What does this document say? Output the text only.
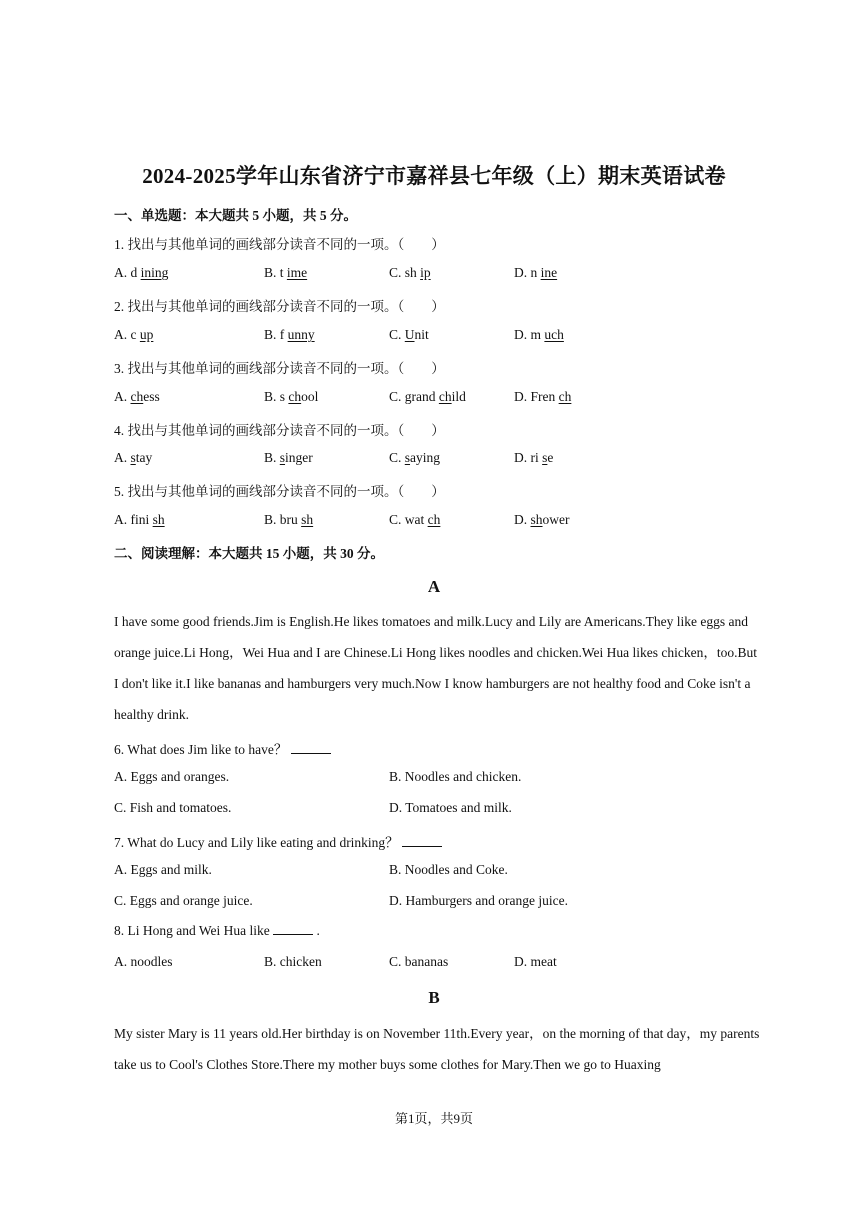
2024-2025学年山东省济宁市嘉祥县七年级（上）期末英语试卷
一、单选题：本大题共 5 小题，共 5 分。
1. 找出与其他单词的画线部分读音不同的一项。（　　）
A. d ining	B. t ime	C. sh ip	D. n ine
2. 找出与其他单词的画线部分读音不同的一项。（　　）
A. c up	B. f unny	C. Unit	D. m uch
3. 找出与其他单词的画线部分读音不同的一项。（　　）
A. chess	B. s chool	C. grand child	D. Fren ch
4. 找出与其他单词的画线部分读音不同的一项。（　　）
A. stay	B. singer	C. saying	D. ri se
5. 找出与其他单词的画线部分读音不同的一项。（　　）
A. fini sh	B. bru sh	C. wat ch	D. shower
二、阅读理解：本大题共 15 小题，共 30 分。
A
I have some good friends.Jim is English.He likes tomatoes and milk.Lucy and Lily are Americans.They like eggs and orange juice.Li Hong，Wei Hua and I are Chinese.Li Hong likes noodles and chicken.Wei Hua likes chicken，too.But I don't like it.I like bananas and hamburgers very much.Now I know hamburgers are not healthy food and Coke isn't a healthy drink.
6. What does Jim like to have？
A. Eggs and oranges.	B. Noodles and chicken.
C. Fish and tomatoes.	D. Tomatoes and milk.
7. What do Lucy and Lily like eating and drinking？
A. Eggs and milk.	B. Noodles and Coke.
C. Eggs and orange juice.	D. Hamburgers and orange juice.
8. Li Hong and Wei Hua like	.
A. noodles	B. chicken	C. bananas	D. meat
B
My sister Mary is 11 years old.Her birthday is on November 11th.Every year，on the morning of that day，my parents take us to Cool's Clothes Store.There my mother buys some clothes for Mary.Then we go to Huaxing
第1页，共9页
